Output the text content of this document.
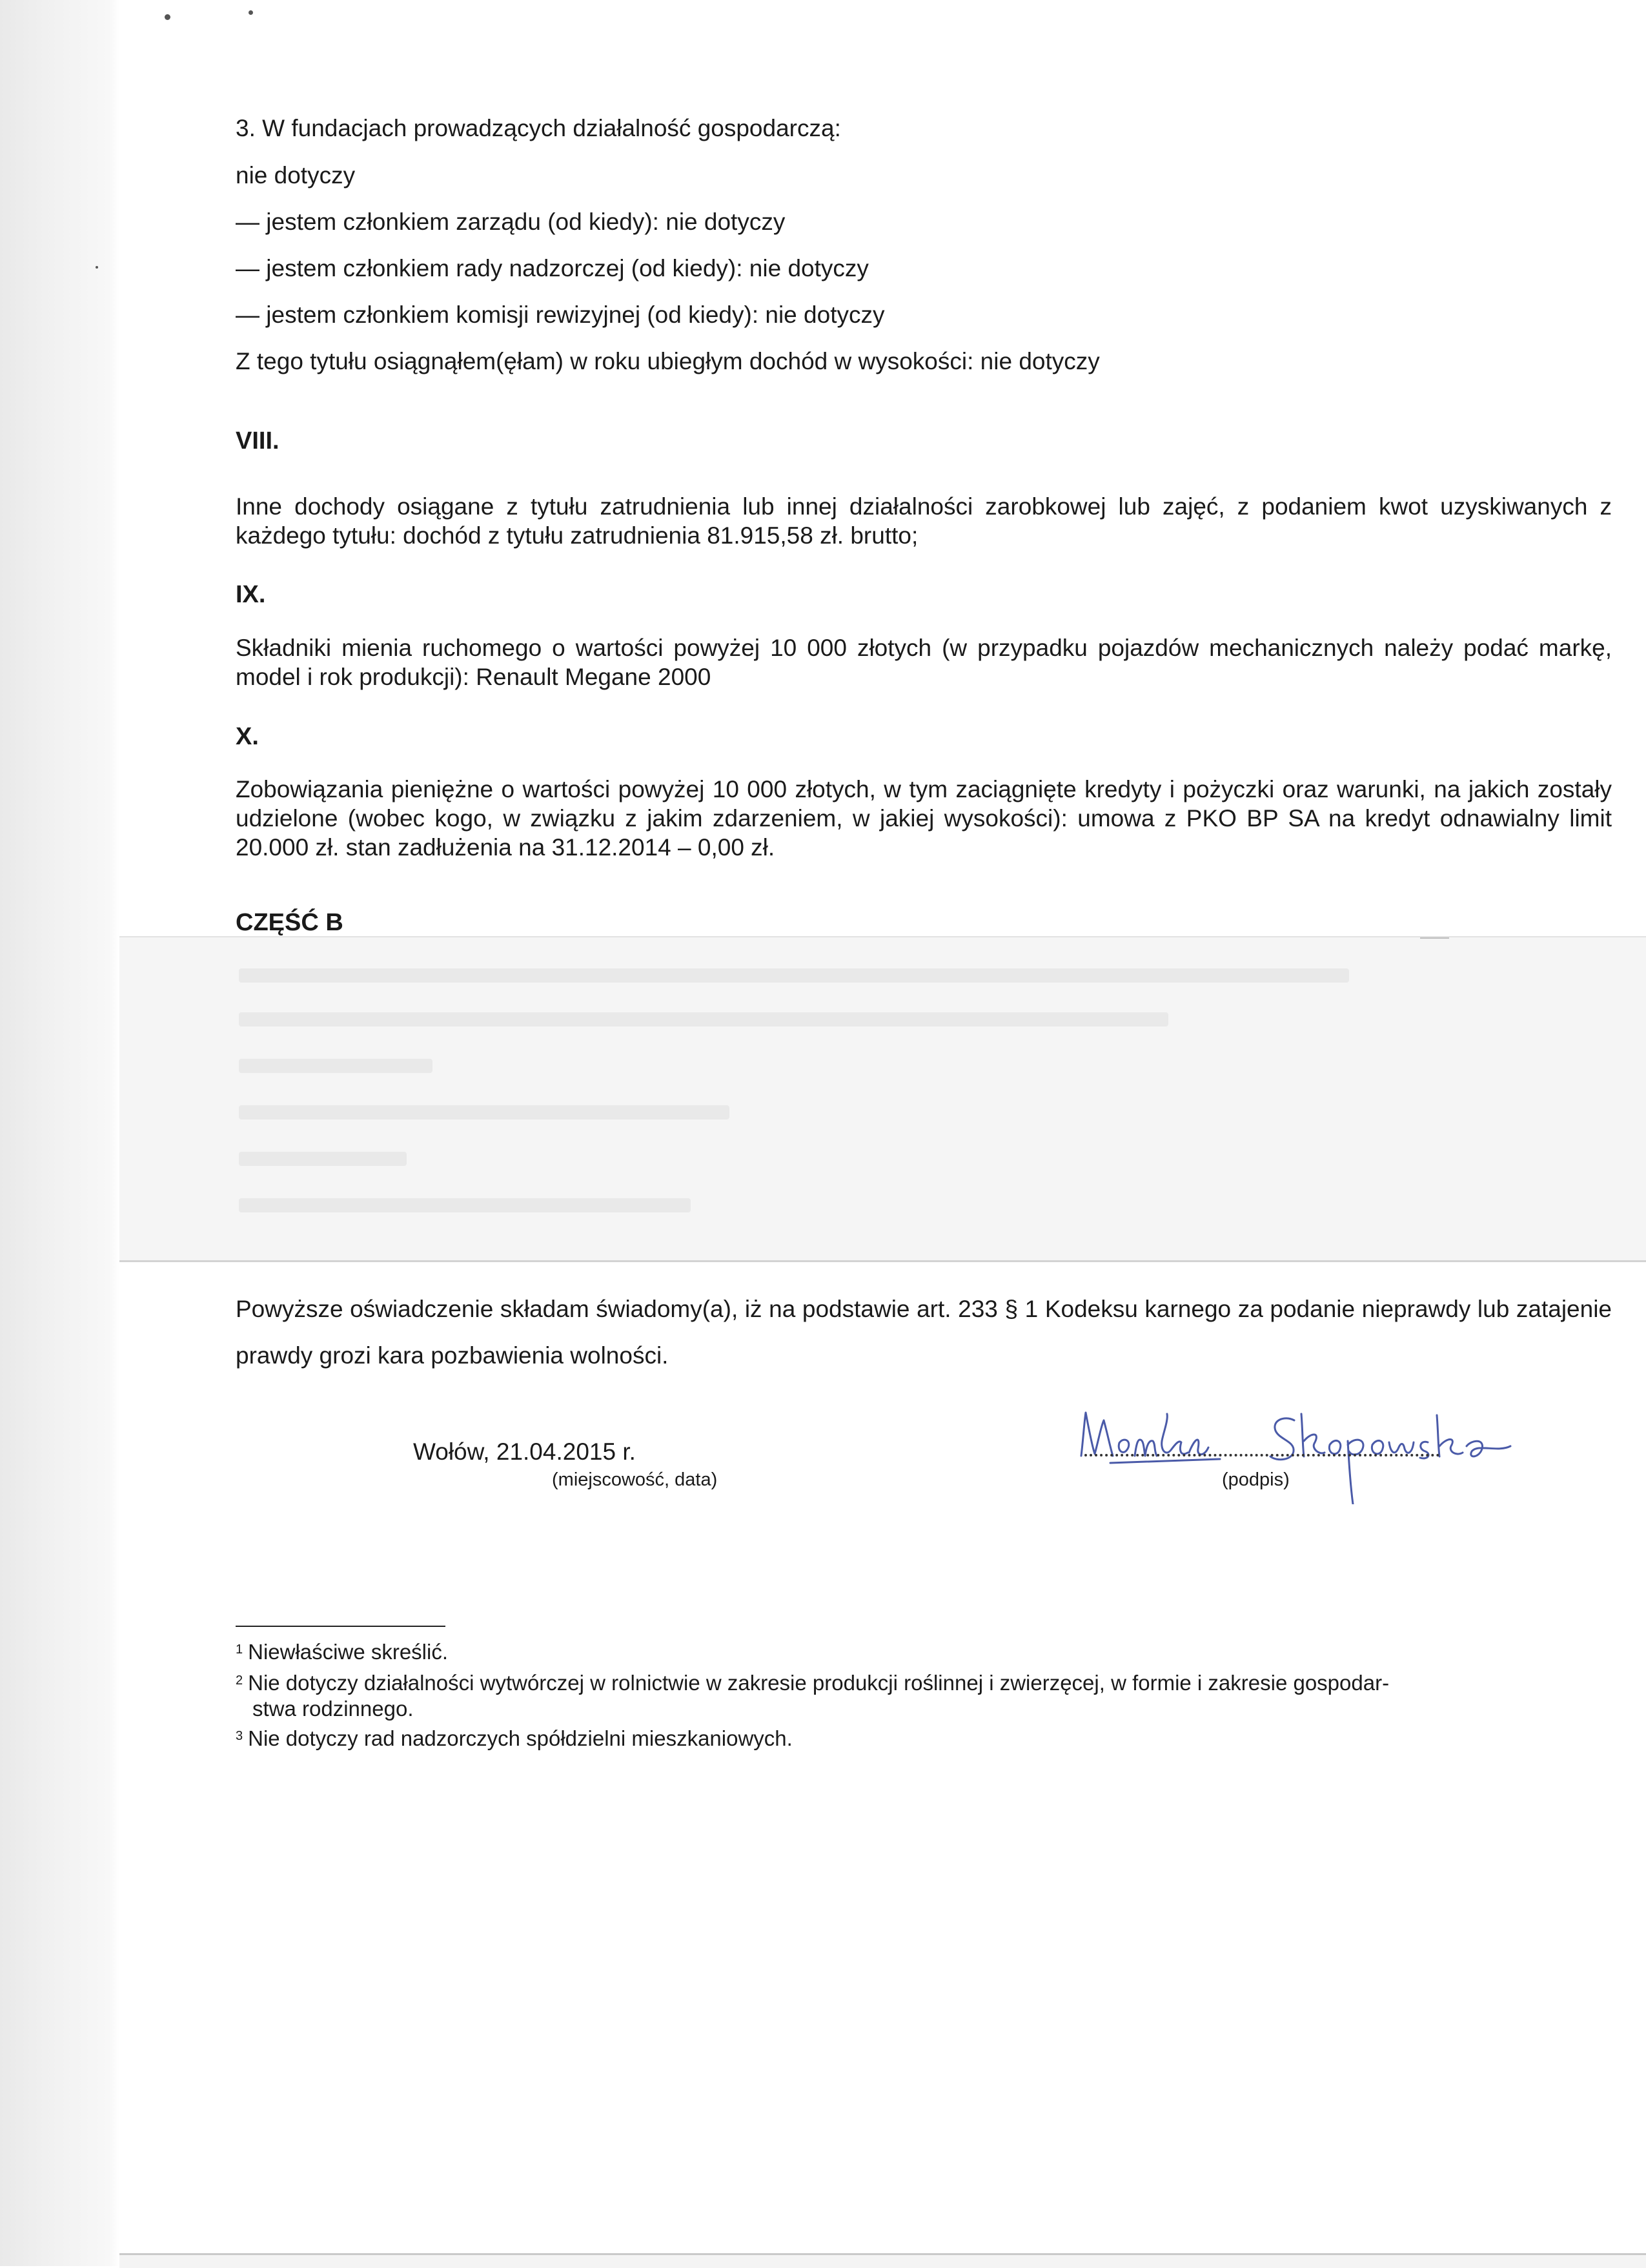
3. W fundacjach prowadzących działalność gospodarczą:
nie dotyczy
— jestem członkiem zarządu (od kiedy): nie dotyczy
— jestem członkiem rady nadzorczej (od kiedy): nie dotyczy
— jestem członkiem komisji rewizyjnej (od kiedy): nie dotyczy
Z tego tytułu osiągnąłem(ęłam) w roku ubiegłym dochód w wysokości: nie dotyczy
VIII.
Inne dochody osiągane z tytułu zatrudnienia lub innej działalności zarobkowej lub zajęć, z podaniem kwot uzyskiwanych z każdego tytułu: dochód z tytułu zatrudnienia 81.915,58 zł. brutto;
IX.
Składniki mienia ruchomego o wartości powyżej 10 000 złotych (w przypadku pojazdów mechanicznych należy podać markę, model i rok produkcji): Renault Megane 2000
X.
Zobowiązania pieniężne o wartości powyżej 10 000 złotych, w tym zaciągnięte kredyty i pożyczki oraz warunki, na jakich zostały udzielone (wobec kogo, w związku z jakim zdarzeniem, w jakiej wysokości): umowa z PKO BP SA na kredyt odnawialny limit 20.000 zł. stan zadłużenia na 31.12.2014 – 0,00 zł.
CZĘŚĆ B
Powyższe oświadczenie składam świadomy(a), iż na podstawie art. 233 § 1 Kodeksu karnego za podanie nieprawdy lub zatajenie prawdy grozi kara pozbawienia wolności.
Wołów, 21.04.2015 r.
(miejscowość, data)	(podpis)
$^1$ Niewłaściwe skreślić.
$^2$ Nie dotyczy działalności wytwórczej w rolnictwie w zakresie produkcji roślinnej i zwierzęcej, w formie i zakresie gospodar-
stwa rodzinnego.
$^3$ Nie dotyczy rad nadzorczych spółdzielni mieszkaniowych.
